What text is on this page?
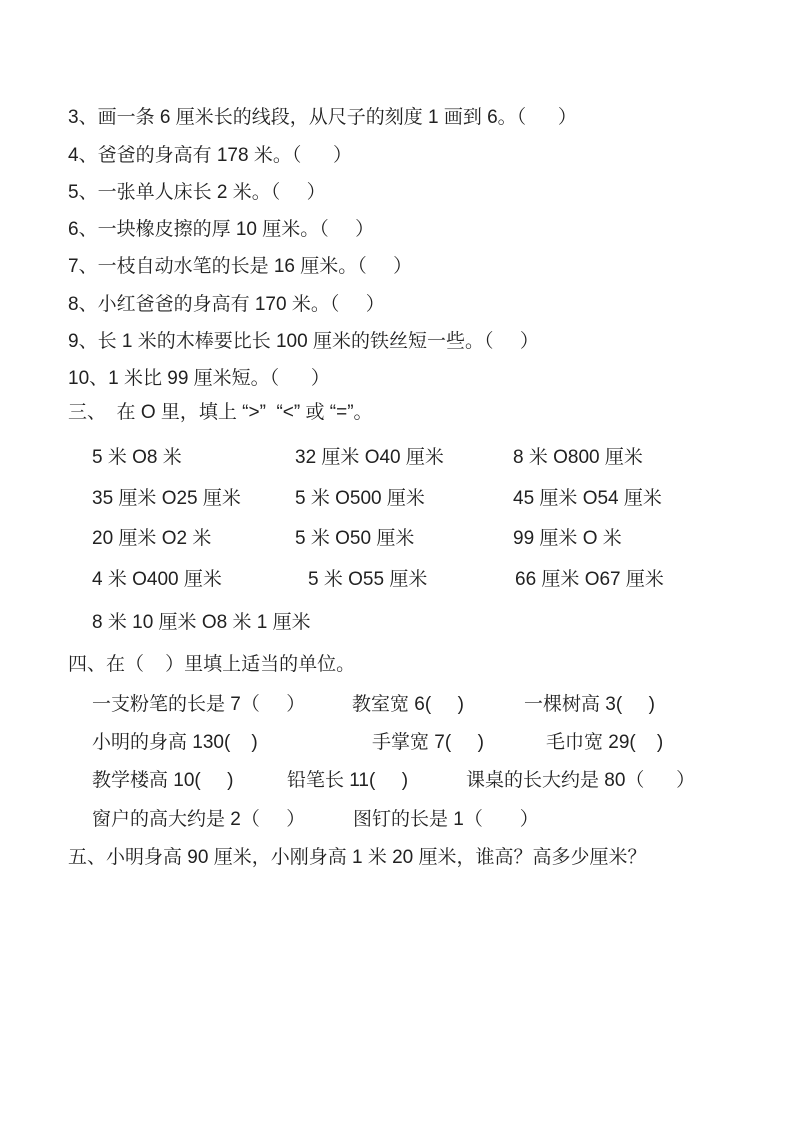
3、画一条 6 厘米长的线段，从尺子的刻度 1 画到 6。（      ）
4、爸爸的身高有 178 米。（      ）
5、一张单人床长 2 米。（     ）
6、一块橡皮擦的厚 10 厘米。（     ）
7、一枝自动水笔的长是 16 厘米。（     ）
8、小红爸爸的身高有 170 米。（     ）
9、长 1 米的木棒要比长 100 厘米的铁丝短一些。（     ）
10、1 米比 99 厘米短。（      ）
三、  在 O 里，填上 “>”  “<” 或 “=”。
5 米 O8 米	32 厘米 O40 厘米	8 米 O800 厘米
35 厘米 O25 厘米	5 米 O500 厘米	45 厘米 O54 厘米
20 厘米 O2 米	5 米 O50 厘米	99 厘米 O 米
4 米 O400 厘米	5 米 O55 厘米	66 厘米 O67 厘米
8 米 10 厘米 O8 米 1 厘米
四、在（    ）里填上适当的单位。
一支粉笔的长是 7（     ） 教室宽 6(     )	一棵树高 3(     )
小明的身高 130(    )	手掌宽 7(     )	毛巾宽 29(    )
教学楼高 10(     )	铅笔长 11(     )	课桌的长大约是 80（      ）
窗户的高大约是 2（     ）	图钉的长是 1（       ）
五、小明身高 90 厘米，小刚身高 1 米 20 厘米，谁高？高多少厘米？
